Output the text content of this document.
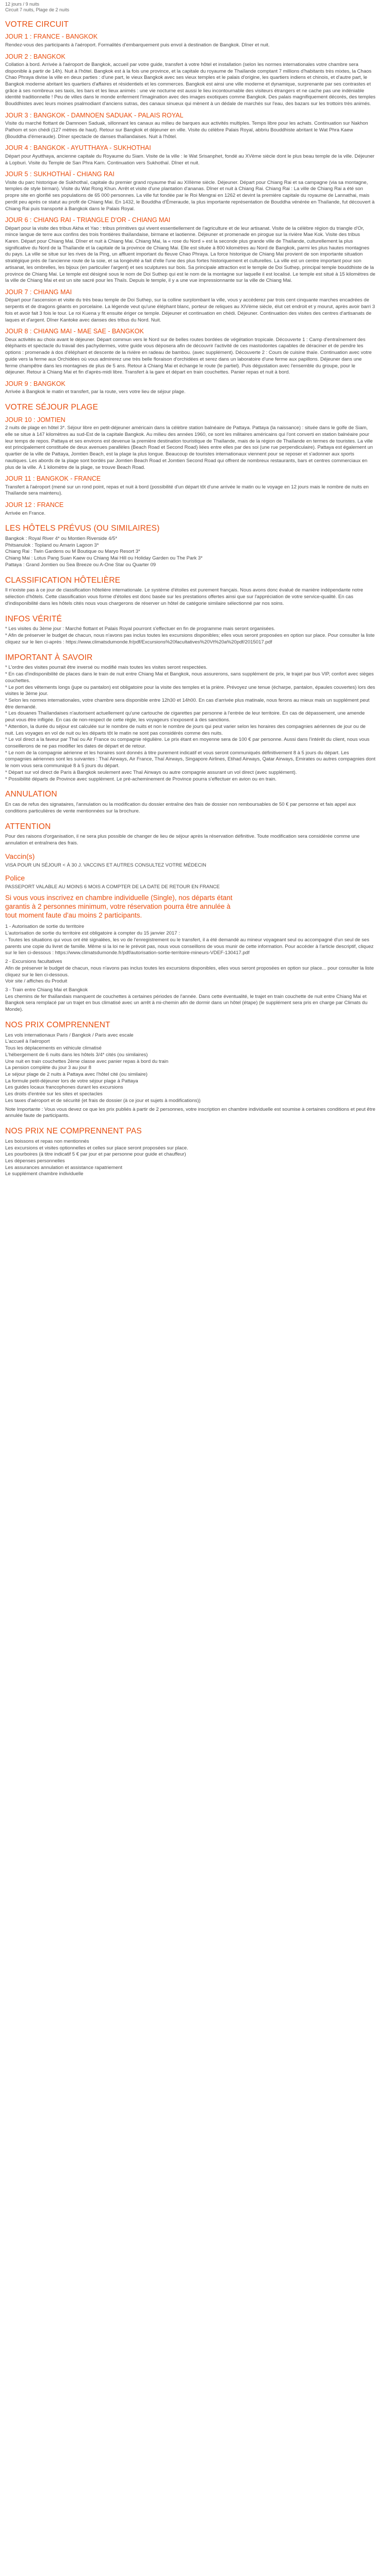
12 jours / 9 nuits
Circuit 7 nuits, Plage de 2 nuits
VOTRE CIRCUIT
JOUR 1 : FRANCE - BANGKOK

Rendez-vous des participants à l'aéroport. Formalités d'embarquement puis envol à destination de Bangkok. Dîner et nuit.

JOUR 2 : BANGKOK

Collation à bord. Arrivée à l'aéroport de Bangkok, accueil par votre guide, transfert à votre hôtel et installation (selon les normes internationales votre chambre sera disponible à partir de 14h). Nuit à l'hôtel. Bangkok est à la fois une province, et la capitale du royaume de Thaïlande comptant 7 millions d'habitants très mixtes, la Chaos Chao Phraya divise la ville en deux parties : d'une part, le vieux Bangkok avec ses vieux temples et le palais d'origine, les quartiers indiens et chinois, et d'autre part, le Bangkok moderne abritant les quartiers d'affaires et résidentiels et les commerces. Bangkok est ainsi une ville moderne et dynamique, surprenante par ses contrastes et grâce à ses nombreux ses taxis, les bars et les lieux animés : une vie nocturne est aussi le lieu incontournable des visiteurs étrangers et ne cache pas une indéniable identité traditionnelle ! Peu de villes dans le monde enferment l'imagination avec des images exotiques comme Bangkok. Des palais magnifiquement décorés, des temples Bouddhistes avec leurs moines psalmodiant d'anciens sutras, des canaux sinueux qui mènent à un dédale de marchés sur l'eau, des bazars sur les trottoirs très animés.

JOUR 3 : BANGKOK - DAMNOEN SADUAK - PALAIS ROYAL

Visite du marché flottant de Damnoen Saduak, sillonnant les canaux au milieu de barques aux activités multiples. Temps libre pour les achats. Continuation sur Nakhon Pathom et son chédi (127 mètres de haut). Retour sur Bangkok et déjeuner en ville. Visite du célèbre Palais Royal, abbriu Bouddhiste abritant le Wat Phra Kaew (Bouddha d'émeraude). Dîner spectacle de danses thaïlandaises. Nuit à l'hôtel.

JOUR 4 : BANGKOK - AYUTTHAYA - SUKHOTHAI

Départ pour Ayutthaya, ancienne capitale du Royaume du Siam. Visite de la ville : le Wat Srisanphet, fondé au XVème siècle dont le plus beau temple de la ville. Déjeuner à Lopburi. Visite du Temple de San Phra Karn. Continuation vers Sukhothaï. Dîner et nuit.

JOUR 5 : SUKHOTHAÏ - CHIANG RAI

Visite du parc historique de Sukhothaï, capitale du premier grand royaume thaï au XIIIème siècle. Déjeuner. Départ pour Chiang Rai et sa campagne (via sa montagne, temples de style birman). Visite du Wat Rong Khun. Arrêt et visite d'une plantation d'ananas. Dîner et nuit à Chiang Rai. Chiang Rai : La ville de Chiang Rai a été son propre site en glorifié ses populations de 65 000 personnes. La ville fut fondée par le Roi Mengrai en 1262 et devint la première capitale du royaume de Lannathai, mais perdit peu après ce statut au profit de Chiang Mai. En 1432, le Bouddha d'Émeraude, la plus importante représentation de Bouddha vénérée en Thaïlande, fut découvert à Chiang Rai puis transporté à Bangkok dans le Palais Royal.

JOUR 6 : CHIANG RAI - TRIANGLE D'OR - CHIANG MAI

Départ pour la visite des tribus Akha et Yao : tribus primitives qui vivent essentiellement de l'agriculture et de leur artisanat. Visite de la célèbre région du triangle d'Or, mince langue de terre aux confins des trois frontières thaïlandaise, birmane et laotienne. Déjeuner et promenade en pirogue sur la rivière Mae Kok. Visite des tribus Karen. Départ pour Chiang Mai. Dîner et nuit à Chiang Mai. Chiang Mai, la « rose du Nord » est la seconde plus grande ville de Thaïlande, culturellement la plus significative du Nord de la Thaïlande et la capitale de la province de Chiang Mai. Elle est située à 800 kilomètres au Nord de Bangkok, parmi les plus hautes montagnes du pays. La ville se situe sur les rives de la Ping, un affluent important du fleuve Chao Phraya. La force historique de Chiang Mai provient de son importante situation stratégique près de l'ancienne route de la soie, et sa longévité a fait d'elle l'une des plus fortes historiquement et culturelles. La ville est un centre important pour son artisanat, les ombrelles, les bijoux (en particulier l'argent) et ses sculptures sur bois. Sa principale attraction est le temple de Doi Suthep, principal temple bouddhiste de la province de Chiang Mai. Le temple est désigné sous le nom de Doi Suthep qui est le nom de la montagne sur laquelle il est localisé. Le temple est situé à 15 kilomètres de la ville de Chiang Mai et est un site sacré pour les Thaïs. Depuis le temple, il y a une vue impressionnante sur la ville de Chiang Mai.

JOUR 7 : CHIANG MAI

Départ pour l'ascension et visite du très beau temple de Doi Suthep, sur la colline surplombant la ville, vous y accéderez par trois cent cinquante marches encadrées de serpents et de dragons géants en porcelaine. La légende veut qu'une éléphant blanc, porteur de reliques au XIVème siècle, élut cet endroit et y mourut, après avoir barri 3 fois et avoir fait 3 fois le tour. Le roi Kuena y fit ensuite ériger ce temple. Déjeuner et continuation en chédi. Déjeuner. Continuation des visites des centres d'artisanats de laques et d'argent. Dîner Kantoke avec danses des tribus du Nord. Nuit.

JOUR 8 : CHIANG MAI - MAE SAE - BANGKOK

Deux activités au choix avant le déjeuner. Départ commun vers le Nord sur de belles routes bordées de végétation tropicale. Découverte 1 : Camp d'entraînement des éléphants et spectacle du travail des pachydermes, votre guide vous déposera afin de découvrir l'activité de ces mastodontes capables de déraciner et de pendre les options : promenade à dos d'éléphant et descente de la rivière en radeau de bambou. (avec supplément). Découverte 2 : Cours de cuisine thaïe. Continuation avec votre guide vers la ferme aux Orchidées où vous admirerez une très belle floraison d'orchidées et serez dans un laboratoire d'une ferme aux papillons. Déjeuner dans une ferme champêtre dans les montagnes de plus de 5 ans. Retour à Chiang Mai et échange le route (le partiel). Puis dégustation avec l'ensemble du groupe, pour le déjeuner. Retour à Chiang Mai et fin d'après-midi libre. Transfert à la gare et départ en train couchettes. Panier repas et nuit à bord.

JOUR 9 : BANGKOK

Arrivée à Bangkok le matin et transfert, par la route, vers votre lieu de séjour plage.

VOTRE SÉJOUR PLAGE
JOUR 10 : JOMTIEN

2 nuits de plage en hôtel 3*. Séjour libre en petit-déjeuner américain dans la célèbre station balnéaire de Pattaya. Pattaya (la naissance) : située dans le golfe de Siam, elle se situe à 147 kilomètres au sud-Est de la capitale Bangkok. Au milieu des années 1960, ce sont les militaires américains qui l'ont converti en station balnéaire pour leur temps de repos. Pattaya et ses environs est devenue la première destination touristique de Thaïlande, mais de la région de Thaïlande en termes de touristes. La ville est principalement constituée de deux avenues parallèles (Beach Road et Second Road) liées entre elles par des soi (une rue perpendiculaire). Pattaya est également un quartier de la ville de Pattaya, Jomtien Beach, est la plage la plus longue. Beaucoup de touristes internationaux viennent pour se reposer et s'adonner aux sports nautiques. Les abords de la plage sont bordés par Jomtien Beach Road et Jomtien Second Road qui offrent de nombreux restaurants, bars et centres commerciaux en plus de la ville. À 1 kilomètre de la plage, se trouve Beach Road.

JOUR 11 : BANGKOK - FRANCE

Transfert à l'aéroport (mené sur un rond point, repas et nuit à bord (possibilité d'un départ tôt d'une arrivée le matin ou le voyage en 12 jours mais le nombre de nuits en Thaïlande sera maintenu).

JOUR 12 : FRANCE

Arrivée en France.

LES HÔTELS PRÉVUS (OU SIMILAIRES)
Bangkok : Royal River 4* ou Montien Riverside 4/5*
Phitsanulok : Topland ou Amarin Lagoon 3*
Chiang Rai : Twin Gardens ou M Boutique ou Maryo Resort 3*
Chiang Mai : Lotus Pang Suan Kaew ou Chiang Mai Hill ou Holiday Garden ou The Park 3*
Pattaya : Grand Jomtien ou Sea Breeze ou A-One Star ou Quarter 09
CLASSIFICATION HÔTELIÈRE

Il n'existe pas à ce jour de classification hôtelière internationale. Le système d'étoiles est purement français. Nous avons donc évalué de manière indépendante notre sélection d'hôtels. Cette classification vous forme d'étoiles est donc basée sur les prestations offertes ainsi que sur l'appréciation de votre service-qualité. En cas d'indisponibilité dans les hôtels cités nous vous chargerons de réserver un hôtel de catégorie similaire sélectionné par nos soins.

INFOS VÉRITÉ
* Les visites du 3ème jour : Marché flottant et Palais Royal pourront s'effectuer en fin de programme mais seront organisées.
* Afin de préserver le budget de chacun, nous n'avons pas inclus toutes les excursions disponibles; elles vous seront proposées en option sur place. Pour consulter la liste cliquez sur le lien ci-après : https://www.climatsdumonde.fr/pdf/Excursions%20facultatives%20Vt%20a%20pdf/2015017.pdf
IMPORTANT À SAVOIR
* L'ordre des visites pourrait être inversé ou modifié mais toutes les visites seront respectées.
* En cas d'indisponibilité de places dans le train de nuit entre Chiang Mai et Bangkok, nous assurerons, sans supplément de prix, le trajet par bus VIP, confort avec sièges couchettes.
* Le port des vêtements longs (jupe ou pantalon) est obligatoire pour la visite des temples et la prière. Prévoyez une tenue (écharpe, pantalon, épaules couvertes) lors des visites le 3ème jour.
* Selon les normes internationales, votre chambre sera disponible entre 12h30 et 14h00. En cas d'arrivée plus matinale, nous ferons au mieux mais un supplément peut être demandé.
* Les douanes Thaïlandaises n'autorisent actuellement qu'une cartouche de cigarettes par personne à l'entrée de leur territoire. En cas de dépassement, une amende peut vous être infligée. En cas de non-respect de cette règle, les voyageurs s'exposent à des sanctions.
* Attention, la durée du séjour est calculée sur le nombre de nuits et non le nombre de jours qui peut varier selon les horaires des compagnies aériennes de jour ou de nuit. Les voyages en vol de nuit ou les départs tôt le matin ne sont pas considérés comme des nuits.
* Le vol direct a la faveur par Thaï ou Air France ou compagnie régulière. Le prix étant en moyenne sera de 100 € par personne. Aussi dans l'intérêt du client, nous vous conseillerons de ne pas modifier les dates de départ et de retour.
* Le nom de la compagnie aérienne et les horaires sont donnés à titre purement indicatif et vous seront communiqués définitivement 8 à 5 jours du départ. Les compagnies aériennes sont les suivantes : Thaï Airways, Air France, Thaï Airways, Singapore Airlines, Etihad Airways, Qatar Airways, Emirates ou autres compagnies dont le nom vous sera communiqué 8 à 5 jours du départ.
* Départ sur vol direct de Paris à Bangkok seulement avec Thaï Airways ou autre compagnie assurant un vol direct (avec supplément).
* Possibilité départs de Province avec supplément. Le pré-acheminement de Province pourra s'effectuer en avion ou en train.
ANNULATION

En cas de refus des signataires, l'annulation ou la modification du dossier entraîne des frais de dossier non remboursables de 50 € par personne et fais appel aux conditions particulières de vente mentionnées sur la brochure.

ATTENTION

Pour des raisons d'organisation, il ne sera plus possible de changer de lieu de séjour après la réservation définitive. Toute modification sera considérée comme une annulation et entraînera des frais.

Vaccin(s)

VISA POUR UN SÉJOUR < À 30 J. VACCINS ET AUTRES CONSULTEZ VOTRE MÉDECIN

Police

PASSEPORT VALABLE AU MOINS 6 MOIS A COMPTER DE LA DATE DE RETOUR EN FRANCE

Si vous vous inscrivez en chambre individuelle (Single), nos départs étant
garantis à 2 personnes minimum, votre réservation pourra être annulée à
tout moment faute d'au moins 2 participants.
1 - Autorisation de sortie du territoire
L'autorisation de sortie du territoire est obligatoire à compter du 15 janvier 2017 :
- Toutes les situations qui vous ont été signalées, les vo de l'enregistrement ou le transfert, il a été demandé au mineur voyageant seul ou accompagné d'un seul de ses parents une copie du livret de famille. Même si la loi ne le prévoit pas, nous vous conseillons de vous munir de cette information. Pour accéder à l'article descriptif, cliquez sur le lien ci-dessous : https://www.climatsdumonde.fr/pdf/autorisation-sortie-territoire-mineurs-VDEF-130417.pdf
2 - Excursions facultatives
Afin de préserver le budget de chacun, nous n'avons pas inclus toutes les excursions disponibles, elles vous seront proposées en option sur place... pour consulter la liste cliquez sur le lien ci-dessous.
Voir site / affiches du Produit
3 - Train entre Chiang Mai et Bangkok
Les chemins de fer thaïlandais manquent de couchettes à certaines périodes de l'année. Dans cette éventualité, le trajet en train couchette de nuit entre Chiang Mai et Bangkok sera remplacé par un trajet en bus climatisé avec un arrêt à mi-chemin afin de dormir dans un hôtel (étape) (le supplément sera pris en charge par Climats du Monde).
NOS PRIX COMPRENNENT
Les vols internationaux Paris / Bangkok / Paris avec escale
L'accueil à l'aéroport
Tous les déplacements en véhicule climatisé
L'hébergement de 6 nuits dans les hôtels 3/4* cités (ou similaires)
Une nuit en train couchettes 2ème classe avec panier repas à bord du train
La pension complète du jour 3 au jour 8
Le séjour plage de 2 nuits à Pattaya avec l'hôtel cité (ou similaire)
La formule petit-déjeuner lors de votre séjour plage à Pattaya
Les guides locaux francophones durant les excursions
Les droits d'entrée sur les sites et spectacles
Les taxes d'aéroport et de sécurité (et frais de dossier (à ce jour et sujets à modifications))

Note Importante : Vous vous devez ce que les prix publiés à partir de 2 personnes, votre inscription en chambre individuelle est soumise à certaines conditions et peut être annulée faute de participants.

NOS PRIX NE COMPRENNENT PAS
Les boissons et repas non mentionnés
Les excursions et visites optionnelles et celles sur place seront proposées sur place.
Les pourboires (à titre indicatif 5 € par jour et par personne pour guide et chauffeur)
Les dépenses personnelles
Les assurances annulation et assistance rapatriement
Le supplément chambre individuelle
